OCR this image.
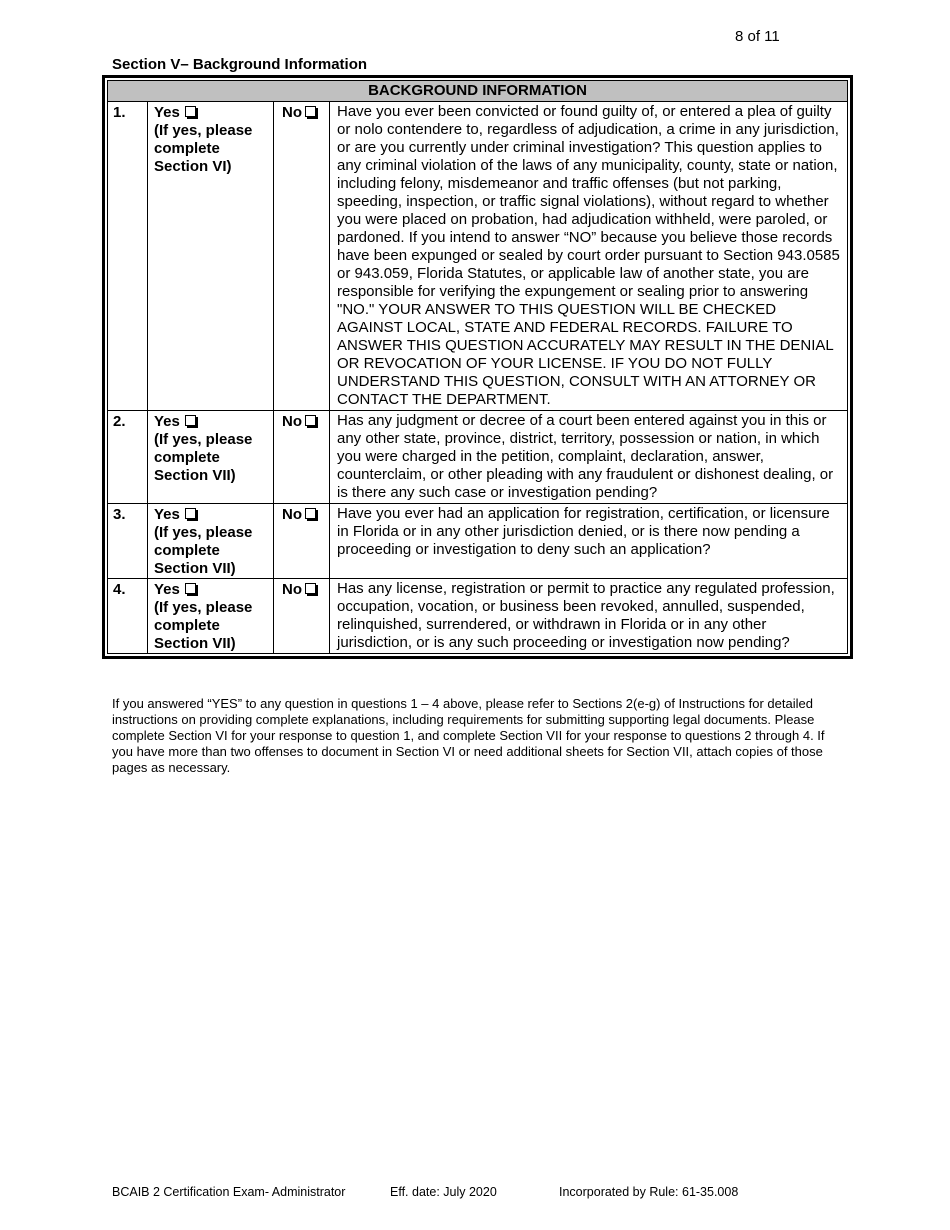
8 of 11
Section V– Background Information
BACKGROUND INFORMATION			
1.	Yes
(If yes, please complete Section VI)	No	Have you ever been convicted or found guilty of, or entered a plea of guilty or nolo contendere to, regardless of adjudication, a crime in any jurisdiction, or are you currently under criminal investigation? This question applies to any criminal violation of the laws of any municipality, county, state or nation, including felony, misdemeanor and traffic offenses (but not parking, speeding, inspection, or traffic signal violations), without regard to whether you were placed on probation, had adjudication withheld, were paroled, or pardoned. If you intend to answer “NO” because you believe those records have been expunged or sealed by court order pursuant to Section 943.0585 or 943.059, Florida Statutes, or applicable law of another state, you are responsible for verifying the expungement or sealing prior to answering "NO." YOUR ANSWER TO THIS QUESTION WILL BE CHECKED AGAINST LOCAL, STATE AND FEDERAL RECORDS. FAILURE TO ANSWER THIS QUESTION ACCURATELY MAY RESULT IN THE DENIAL OR REVOCATION OF YOUR LICENSE. IF YOU DO NOT FULLY UNDERSTAND THIS QUESTION, CONSULT WITH AN ATTORNEY OR CONTACT THE DEPARTMENT.
2.	Yes
(If yes, please complete Section VII)	No	Has any judgment or decree of a court been entered against you in this or any other state, province, district, territory, possession or nation, in which you were charged in the petition, complaint, declaration, answer, counterclaim, or other pleading with any fraudulent or dishonest dealing, or is there any such case or investigation pending?
3.	Yes
(If yes, please complete Section VII)	No	Have you ever had an application for registration, certification, or licensure in Florida or in any other jurisdiction denied, or is there now pending a proceeding or investigation to deny such an application?
4.	Yes
(If yes, please complete Section VII)	No	Has any license, registration or permit to practice any regulated profession, occupation, vocation, or business been revoked, annulled, suspended, relinquished, surrendered, or withdrawn in Florida or in any other jurisdiction, or is any such proceeding or investigation now pending?
If you answered “YES” to any question in questions 1 – 4 above, please refer to Sections 2(e-g) of Instructions for detailed instructions on providing complete explanations, including requirements for submitting supporting legal documents. Please complete Section VI for your response to question 1, and complete Section VII for your response to questions 2 through 4. If you have more than two offenses to document in Section VI or need additional sheets for Section VII, attach copies of those pages as necessary.
BCAIB 2 Certification Exam- Administrator	Eff. date: July 2020	Incorporated by Rule: 61-35.008
